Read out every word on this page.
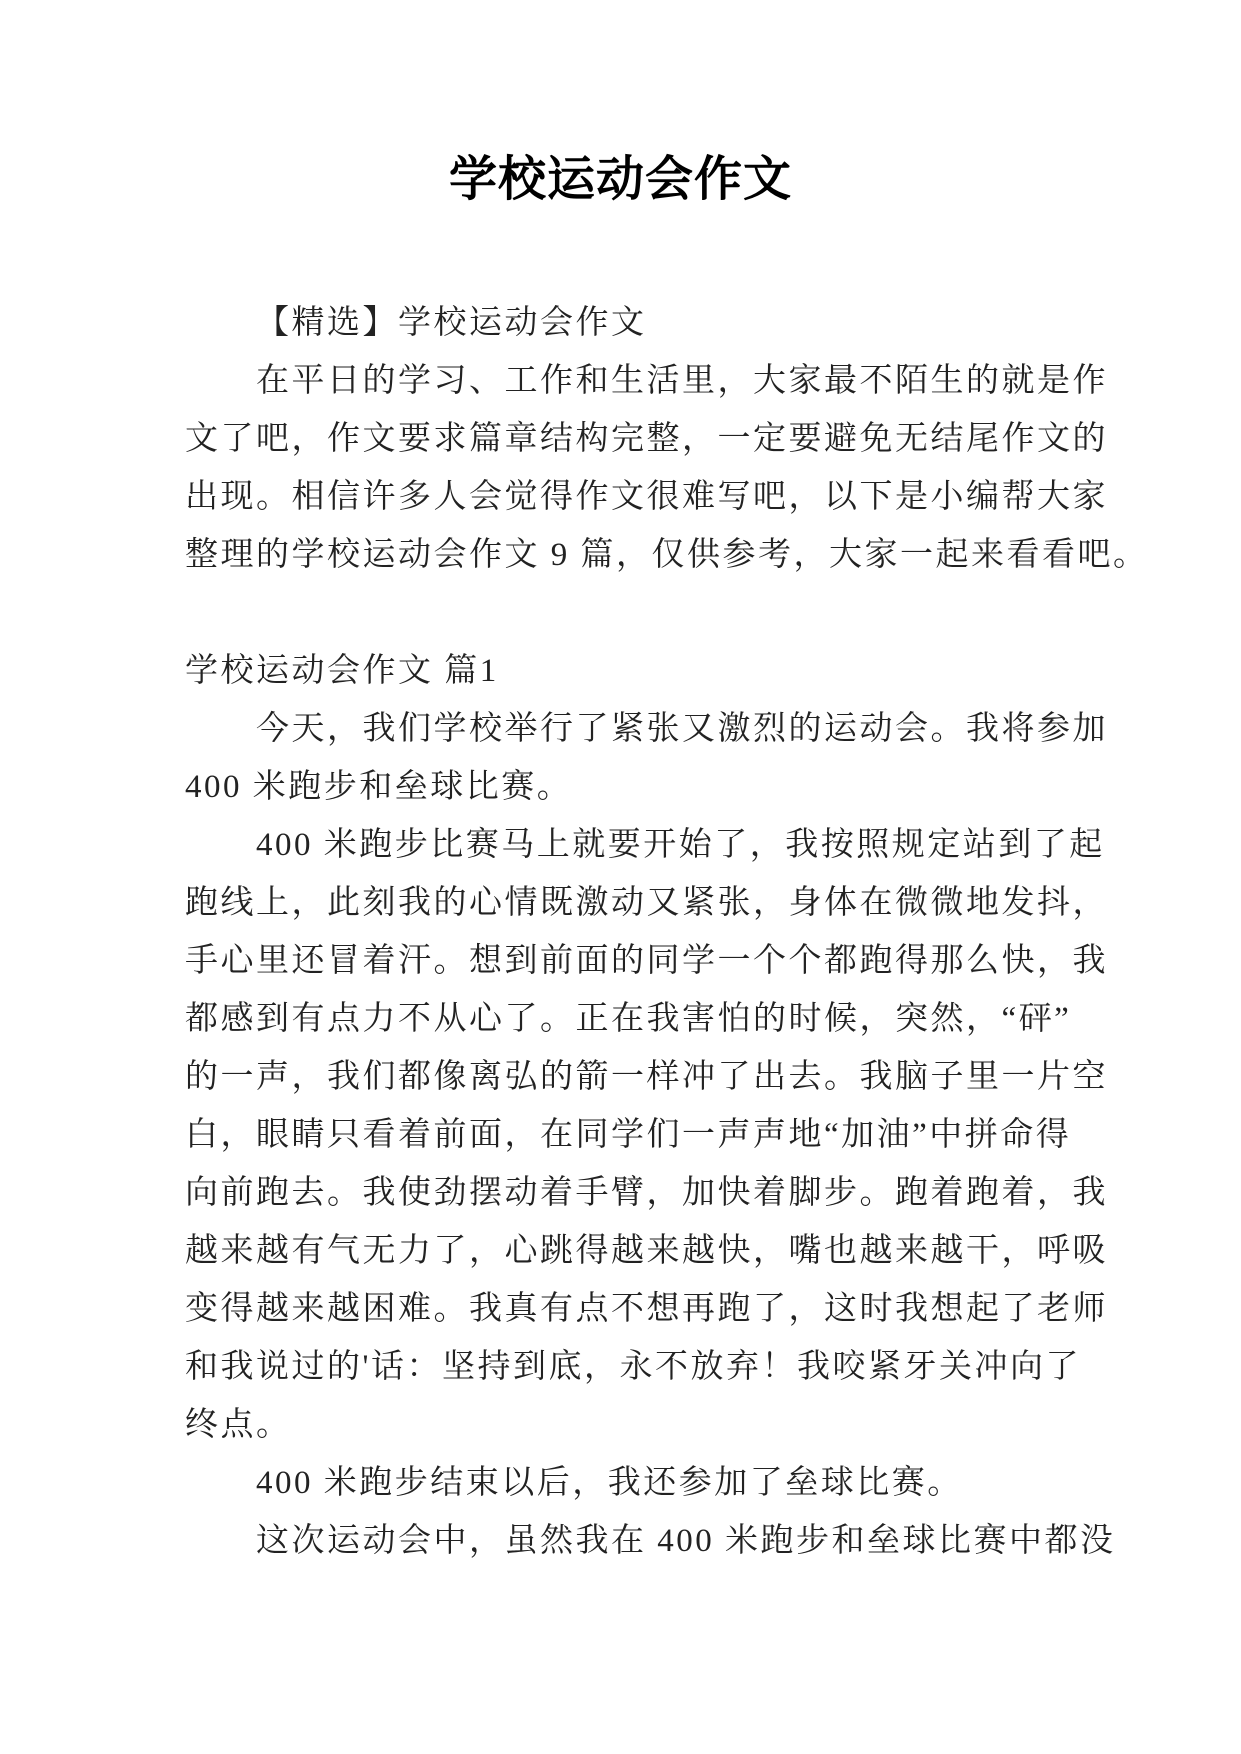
学校运动会作文
【精选】学校运动会作文
在平日的学习、工作和生活里，大家最不陌生的就是作
文了吧，作文要求篇章结构完整，一定要避免无结尾作文的
出现。相信许多人会觉得作文很难写吧，以下是小编帮大家
整理的学校运动会作文 9 篇，仅供参考，大家一起来看看吧。
学校运动会作文 篇1
今天，我们学校举行了紧张又激烈的运动会。我将参加
400 米跑步和垒球比赛。
400 米跑步比赛马上就要开始了，我按照规定站到了起
跑线上，此刻我的心情既激动又紧张，身体在微微地发抖，
手心里还冒着汗。想到前面的同学一个个都跑得那么快，我
都感到有点力不从心了。正在我害怕的时候，突然，“砰”
的一声，我们都像离弘的箭一样冲了出去。我脑子里一片空
白，眼睛只看着前面，在同学们一声声地“加油”中拼命得
向前跑去。我使劲摆动着手臂，加快着脚步。跑着跑着，我
越来越有气无力了，心跳得越来越快，嘴也越来越干，呼吸
变得越来越困难。我真有点不想再跑了，这时我想起了老师
和我说过的'话：坚持到底，永不放弃！我咬紧牙关冲向了
终点。
400 米跑步结束以后，我还参加了垒球比赛。
这次运动会中，虽然我在 400 米跑步和垒球比赛中都没
